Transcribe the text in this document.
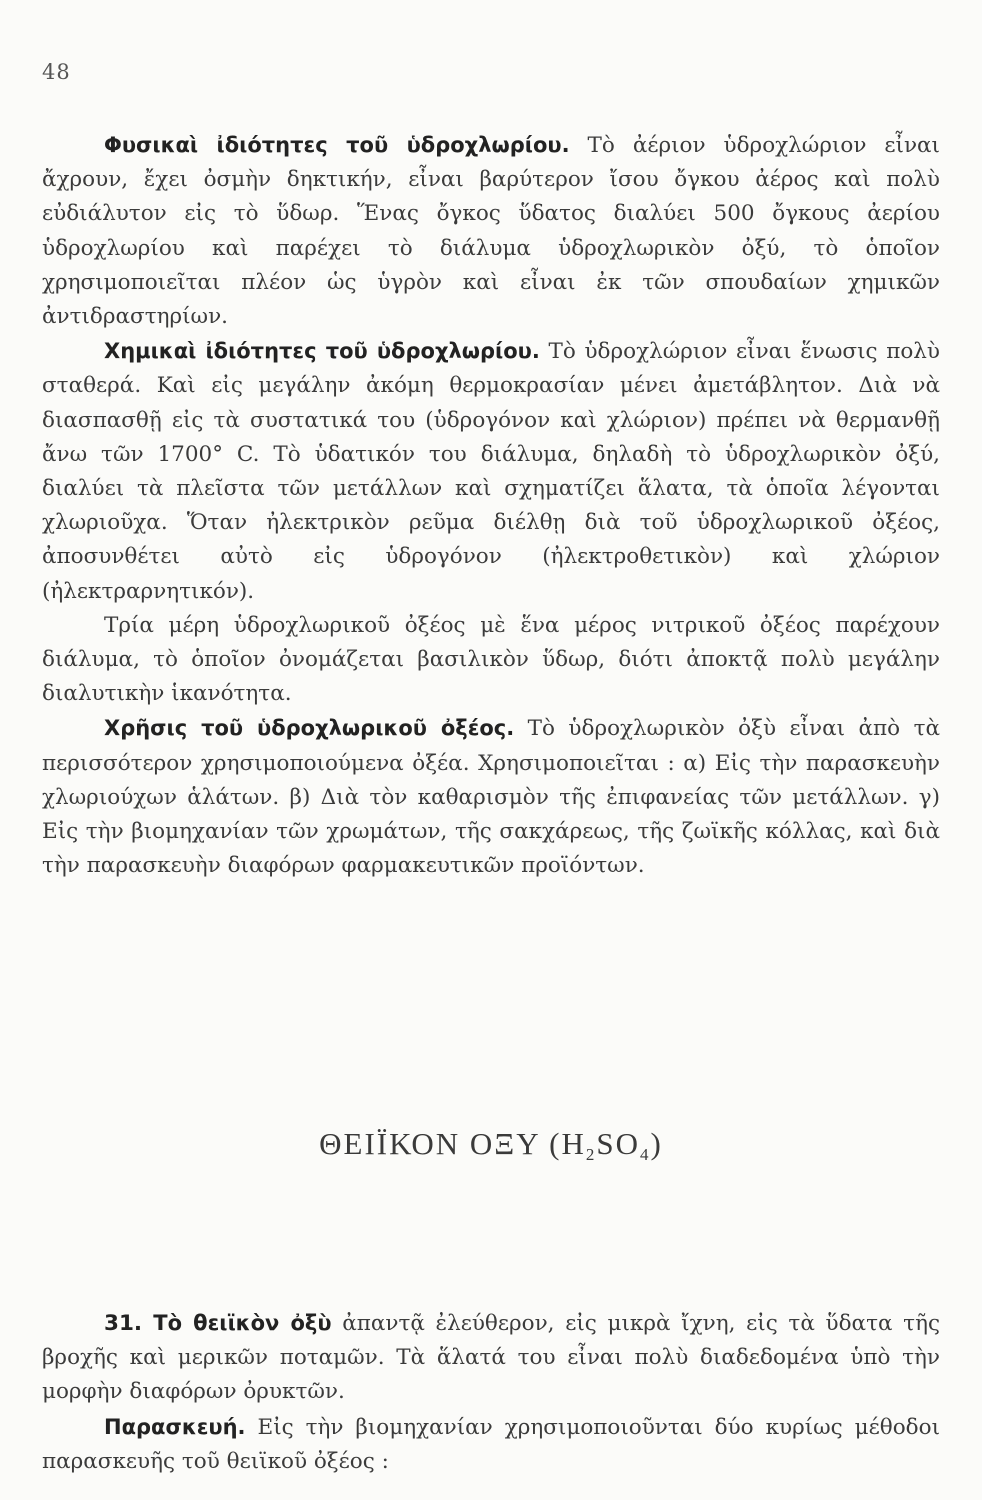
48

Φυσικαὶ ἰδιότητες τοῦ ὑδροχλωρίου. Τὸ ἀέριον ὑδροχλώριον εἶναι ἄχρουν, ἔχει ὀσμὴν δηκτικήν, εἶναι βαρύτερον ἴσου ὄγκου ἀέρος καὶ πολὺ εὐδιάλυτον εἰς τὸ ὕδωρ. Ἕνας ὄγκος ὕδατος διαλύει 500 ὄγκους ἀερίου ὑδροχλωρίου καὶ παρέχει τὸ διάλυμα ὑδροχλωρικὸν ὀξύ, τὸ ὁποῖον χρησιμοποιεῖται πλέον ὡς ὑγρὸν καὶ εἶναι ἐκ τῶν σπουδαίων χημικῶν ἀντιδραστηρίων.

Χημικαὶ ἰδιότητες τοῦ ὑδροχλωρίου. Τὸ ὑδροχλώριον εἶναι ἕνωσις πολὺ σταθερά. Καὶ εἰς μεγάλην ἀκόμη θερμοκρασίαν μένει ἀμετάβλητον. Διὰ νὰ διασπασθῇ εἰς τὰ συστατικά του (ὑδρογόνον καὶ χλώριον) πρέπει νὰ θερμανθῇ ἄνω τῶν 1700° C. Τὸ ὑδατικόν του διάλυμα, δηλαδὴ τὸ ὑδροχλωρικὸν ὀξύ, διαλύει τὰ πλεῖστα τῶν μετάλλων καὶ σχηματίζει ἅλατα, τὰ ὁποῖα λέγονται χλωριοῦχα. Ὅταν ἠλεκτρικὸν ρεῦμα διέλθῃ διὰ τοῦ ὑδροχλωρικοῦ ὀξέος, ἀποσυνθέτει αὐτὸ εἰς ὑδρογόνον (ἠλεκτροθετικὸν) καὶ χλώριον (ἠλεκτραρνητικόν).

Τρία μέρη ὑδροχλωρικοῦ ὀξέος μὲ ἕνα μέρος νιτρικοῦ ὀξέος παρέχουν διάλυμα, τὸ ὁποῖον ὀνομάζεται βασιλικὸν ὕδωρ, διότι ἀποκτᾷ πολὺ μεγάλην διαλυτικὴν ἱκανότητα.

Χρῆσις τοῦ ὑδροχλωρικοῦ ὀξέος. Τὸ ὑδροχλωρικὸν ὀξὺ εἶναι ἀπὸ τὰ περισσότερον χρησιμοποιούμενα ὀξέα. Χρησιμοποιεῖται : α) Εἰς τὴν παρασκευὴν χλωριούχων ἁλάτων. β) Διὰ τὸν καθαρισμὸν τῆς ἐπιφανείας τῶν μετάλλων. γ) Εἰς τὴν βιομηχανίαν τῶν χρωμάτων, τῆς σακχάρεως, τῆς ζωϊκῆς κόλλας, καὶ διὰ τὴν παρασκευὴν διαφόρων φαρμακευτικῶν προϊόντων.

ΘΕΙΪΚΟΝ ΟΞΥ $(H_2SO_4)$

31. Τὸ θειϊκὸν ὀξὺ ἀπαντᾷ ἐλεύθερον, εἰς μικρὰ ἴχνη, εἰς τὰ ὕδατα τῆς βροχῆς καὶ μερικῶν ποταμῶν. Τὰ ἅλατά του εἶναι πολὺ διαδεδομένα ὑπὸ τὴν μορφὴν διαφόρων ὀρυκτῶν.

Παρασκευή. Εἰς τὴν βιομηχανίαν χρησιμοποιοῦνται δύο κυρίως μέθοδοι παρασκευῆς τοῦ θειϊκοῦ ὀξέος :
